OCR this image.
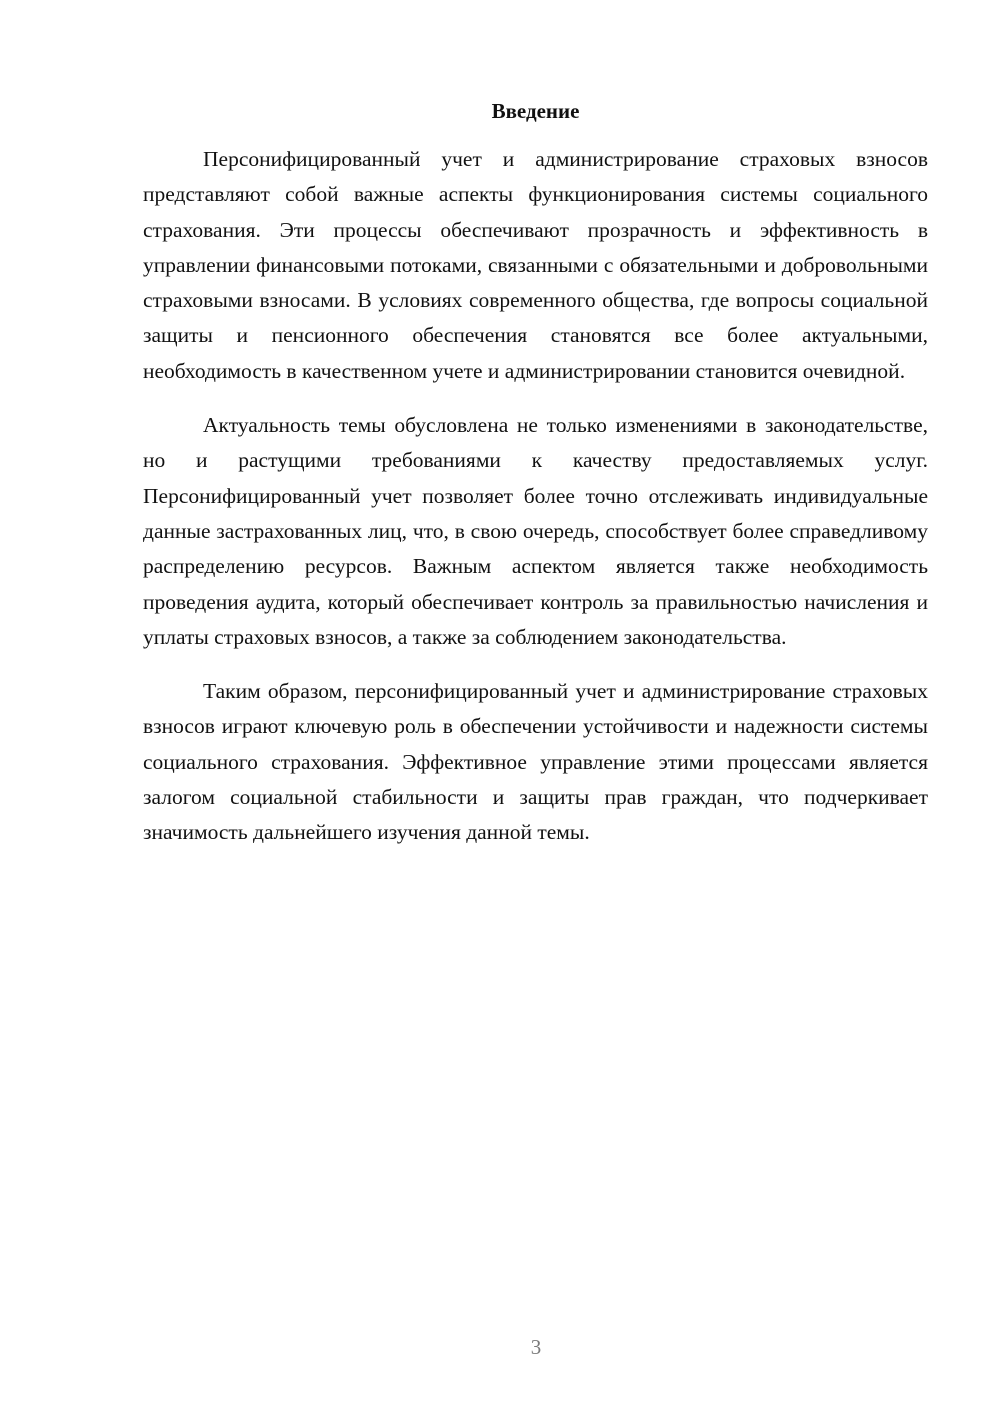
Введение

Персонифицированный учет и администрирование страховых взносов представляют собой важные аспекты функционирования системы социального страхования. Эти процессы обеспечивают прозрачность и эффективность в управлении финансовыми потоками, связанными с обязательными и добровольными страховыми взносами. В условиях современного общества, где вопросы социальной защиты и пенсионного обеспечения становятся все более актуальными, необходимость в качественном учете и администрировании становится очевидной.

Актуальность темы обусловлена не только изменениями в законодательстве, но и растущими требованиями к качеству предоставляемых услуг. Персонифицированный учет позволяет более точно отслеживать индивидуальные данные застрахованных лиц, что, в свою очередь, способствует более справедливому распределению ресурсов. Важным аспектом является также необходимость проведения аудита, который обеспечивает контроль за правильностью начисления и уплаты страховых взносов, а также за соблюдением законодательства.

Таким образом, персонифицированный учет и администрирование страховых взносов играют ключевую роль в обеспечении устойчивости и надежности системы социального страхования. Эффективное управление этими процессами является залогом социальной стабильности и защиты прав граждан, что подчеркивает значимость дальнейшего изучения данной темы.

3
